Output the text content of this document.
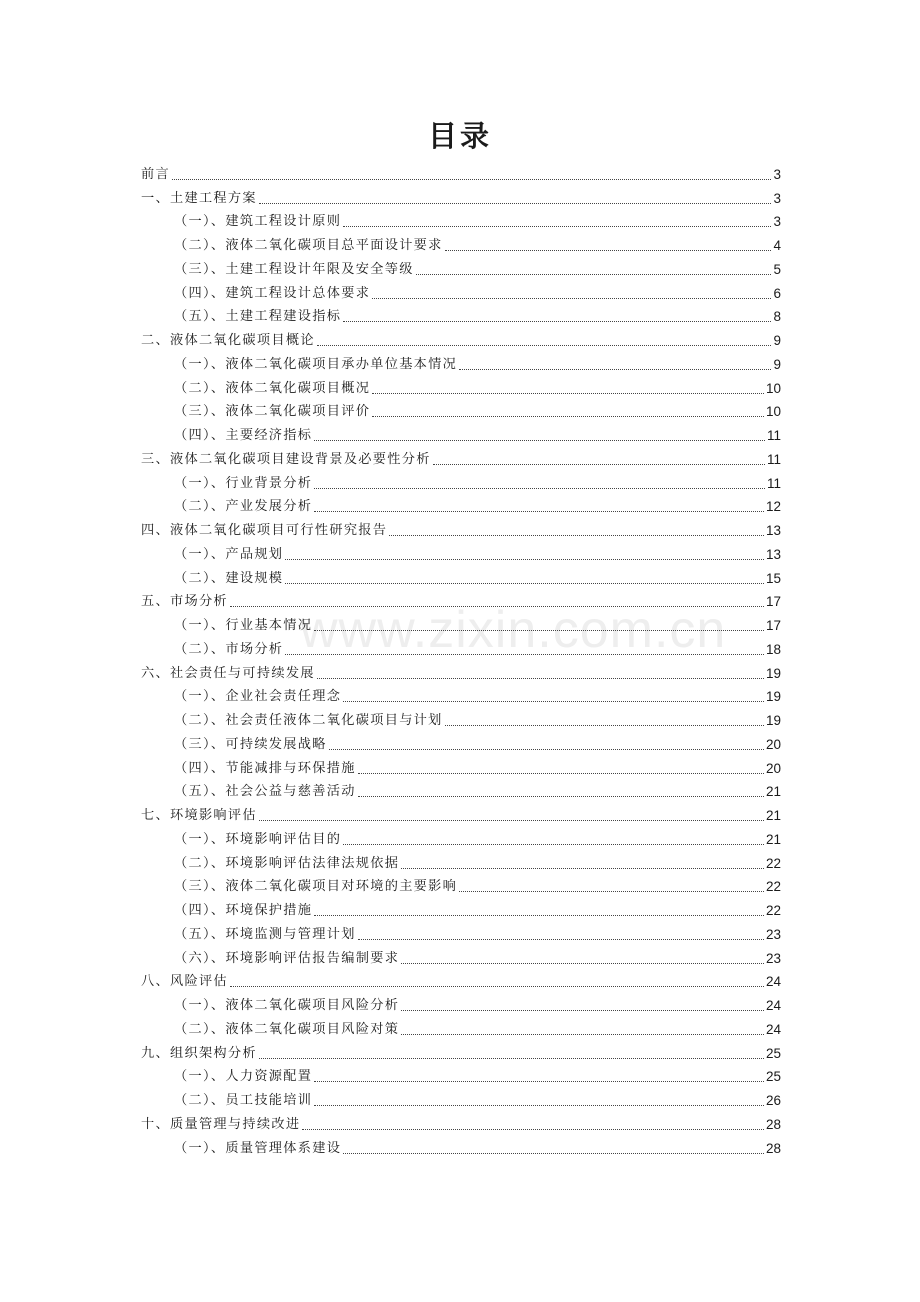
目录
www.zixin.com.cn
前言	3
一、土建工程方案	3
（一）、建筑工程设计原则	3
（二）、液体二氧化碳项目总平面设计要求	4
（三）、土建工程设计年限及安全等级	5
（四）、建筑工程设计总体要求	6
（五）、土建工程建设指标	8
二、液体二氧化碳项目概论	9
（一）、液体二氧化碳项目承办单位基本情况	9
（二）、液体二氧化碳项目概况	10
（三）、液体二氧化碳项目评价	10
（四）、主要经济指标	11
三、液体二氧化碳项目建设背景及必要性分析	11
（一）、行业背景分析	11
（二）、产业发展分析	12
四、液体二氧化碳项目可行性研究报告	13
（一）、产品规划	13
（二）、建设规模	15
五、市场分析	17
（一）、行业基本情况	17
（二）、市场分析	18
六、社会责任与可持续发展	19
（一）、企业社会责任理念	19
（二）、社会责任液体二氧化碳项目与计划	19
（三）、可持续发展战略	20
（四）、节能减排与环保措施	20
（五）、社会公益与慈善活动	21
七、环境影响评估	21
（一）、环境影响评估目的	21
（二）、环境影响评估法律法规依据	22
（三）、液体二氧化碳项目对环境的主要影响	22
（四）、环境保护措施	22
（五）、环境监测与管理计划	23
（六）、环境影响评估报告编制要求	23
八、风险评估	24
（一）、液体二氧化碳项目风险分析	24
（二）、液体二氧化碳项目风险对策	24
九、组织架构分析	25
（一）、人力资源配置	25
（二）、员工技能培训	26
十、质量管理与持续改进	28
（一）、质量管理体系建设	28
